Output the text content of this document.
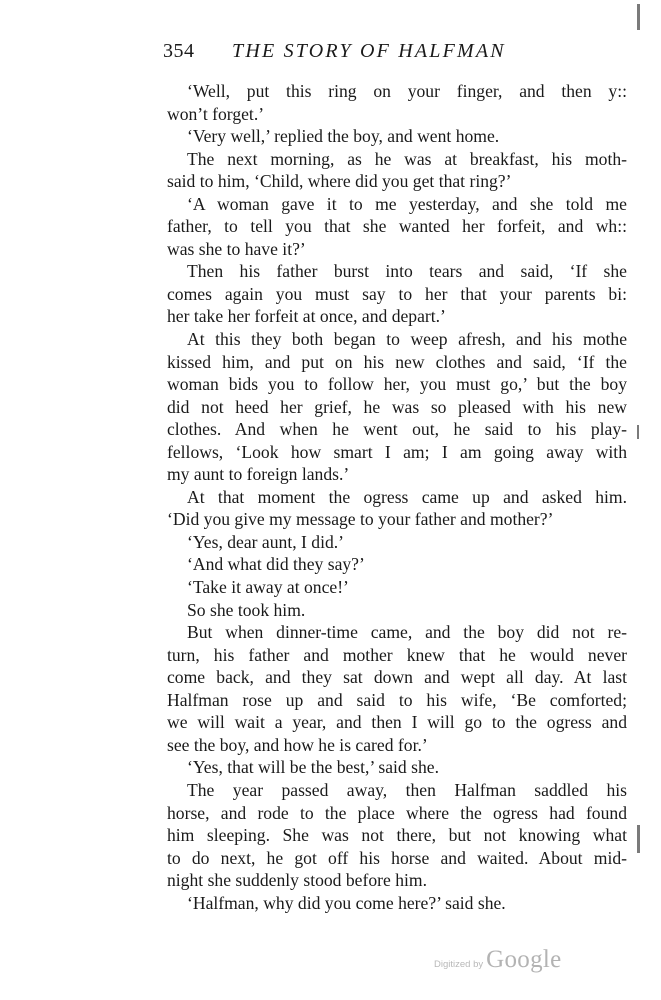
354 THE STORY OF HALFMAN
‘Well, put this ring on your finger, and then y::
won’t forget.’
‘Very well,’ replied the boy, and went home.
The next morning, as he was at breakfast, his moth-
said to him, ‘Child, where did you get that ring?’
‘A woman gave it to me yesterday, and she told me
father, to tell you that she wanted her forfeit, and wh::
was she to have it?’
Then his father burst into tears and said, ‘If she
comes again you must say to her that your parents bi:
her take her forfeit at once, and depart.’
At this they both began to weep afresh, and his mothe
kissed him, and put on his new clothes and said, ‘If the
woman bids you to follow her, you must go,’ but the boy
did not heed her grief, he was so pleased with his new
clothes. And when he went out, he said to his play-
fellows, ‘Look how smart I am; I am going away with
my aunt to foreign lands.’
At that moment the ogress came up and asked him.
‘Did you give my message to your father and mother?’
‘Yes, dear aunt, I did.’
‘And what did they say?’
‘Take it away at once!’
So she took him.
But when dinner-time came, and the boy did not re-
turn, his father and mother knew that he would never
come back, and they sat down and wept all day. At last
Halfman rose up and said to his wife, ‘Be comforted;
we will wait a year, and then I will go to the ogress and
see the boy, and how he is cared for.’
‘Yes, that will be the best,’ said she.
The year passed away, then Halfman saddled his
horse, and rode to the place where the ogress had found
him sleeping. She was not there, but not knowing what
to do next, he got off his horse and waited. About mid-
night she suddenly stood before him.
‘Halfman, why did you come here?’ said she.
Digitized by Google
